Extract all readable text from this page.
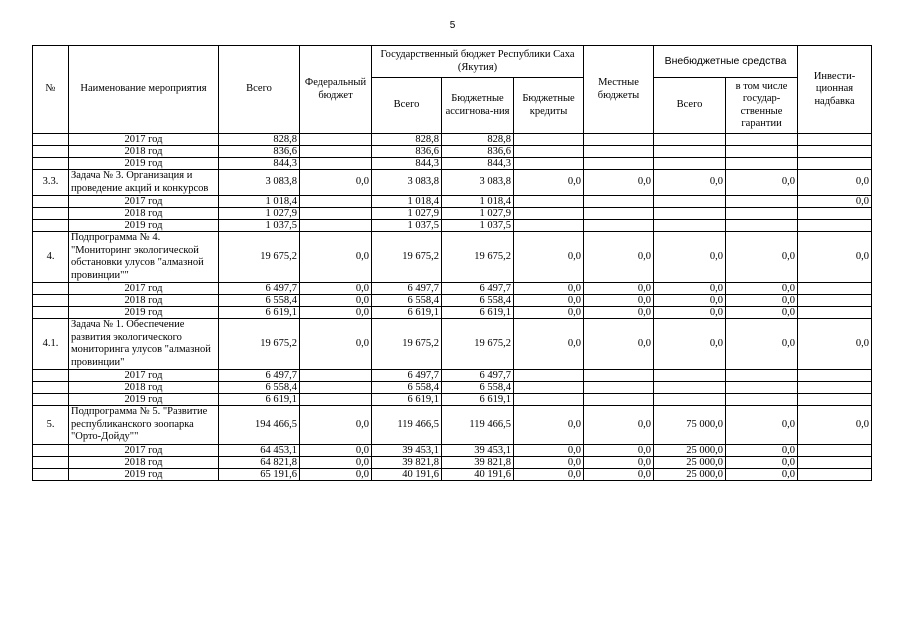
5
№	Наименование мероприятия	Всего	Федеральный бюджет	Государственный бюджет Республики Саха (Якутия)			Местные бюджеты	Внебюджетные средства		Инвести-ционная надбавка
				Всего	Бюджетные ассигнова-ния	Бюджетные кредиты		Всего	в том числе государ-ственные гарантии	
	2017 год	828,8		828,8	828,8					
	2018 год	836,6		836,6	836,6					
	2019 год	844,3		844,3	844,3					
3.3.	Задача № 3. Организация и проведение акций и конкурсов	3 083,8	0,0	3 083,8	3 083,8	0,0	0,0	0,0	0,0	0,0
	2017 год	1 018,4		1 018,4	1 018,4					0,0
	2018 год	1 027,9		1 027,9	1 027,9					
	2019 год	1 037,5		1 037,5	1 037,5					
4.	Подпрограмма № 4. "Мониторинг экологической обстановки улусов "алмазной провинции""	19 675,2	0,0	19 675,2	19 675,2	0,0	0,0	0,0	0,0	0,0
	2017 год	6 497,7	0,0	6 497,7	6 497,7	0,0	0,0	0,0	0,0	
	2018 год	6 558,4	0,0	6 558,4	6 558,4	0,0	0,0	0,0	0,0	
	2019 год	6 619,1	0,0	6 619,1	6 619,1	0,0	0,0	0,0	0,0	
4.1.	Задача № 1. Обеспечение развития экологического мониторинга улусов "алмазной провинции"	19 675,2	0,0	19 675,2	19 675,2	0,0	0,0	0,0	0,0	0,0
	2017 год	6 497,7		6 497,7	6 497,7					
	2018 год	6 558,4		6 558,4	6 558,4					
	2019 год	6 619,1		6 619,1	6 619,1					
5.	Подпрограмма № 5. "Развитие республиканского зоопарка "Орто-Дойду""	194 466,5	0,0	119 466,5	119 466,5	0,0	0,0	75 000,0	0,0	0,0
	2017 год	64 453,1	0,0	39 453,1	39 453,1	0,0	0,0	25 000,0	0,0	
	2018 год	64 821,8	0,0	39 821,8	39 821,8	0,0	0,0	25 000,0	0,0	
	2019 год	65 191,6	0,0	40 191,6	40 191,6	0,0	0,0	25 000,0	0,0	
